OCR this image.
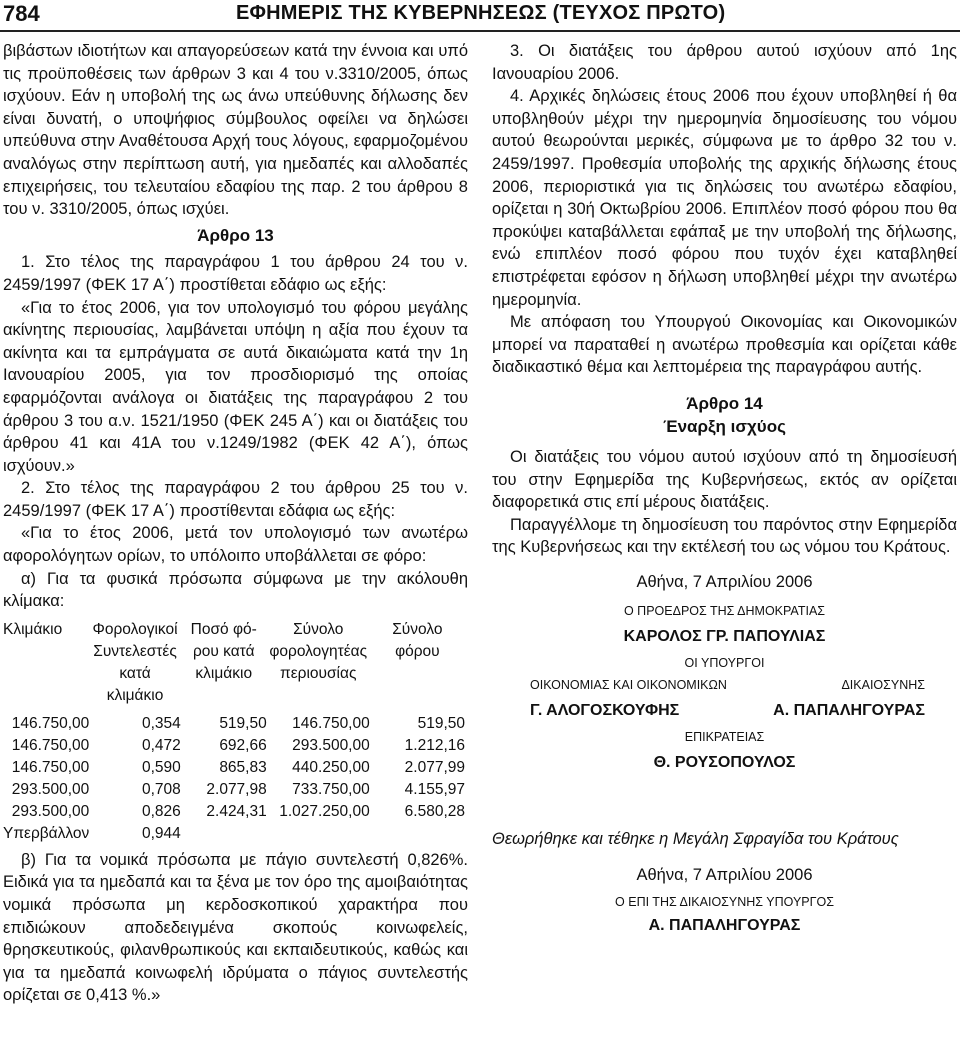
784	ΕΦΗΜΕΡΙΣ ΤΗΣ ΚΥΒΕΡΝΗΣΕΩΣ (ΤΕΥΧΟΣ ΠΡΩΤΟ)

βιβάστων ιδιοτήτων και απαγορεύσεων κατά την έννοια και υπό τις προϋποθέσεις των άρθρων 3 και 4 του ν.3310/2005, όπως ισχύουν. Εάν η υποβολή της ως άνω υπεύθυνης δήλωσης δεν είναι δυνατή, ο υποψήφιος σύμβουλος οφείλει να δηλώσει υπεύθυνα στην Αναθέτουσα Αρχή τους λόγους, εφαρμοζομένου αναλόγως στην περίπτωση αυτή, για ημεδαπές και αλλοδαπές επιχειρήσεις, του τελευταίου εδαφίου της παρ. 2 του άρθρου 8 του ν. 3310/2005, όπως ισχύει.

Άρθρο 13

1. Στο τέλος της παραγράφου 1 του άρθρου 24 του ν. 2459/1997 (ΦΕΚ 17 Α΄) προστίθεται εδάφιο ως εξής:

«Για το έτος 2006, για τον υπολογισμό του φόρου μεγάλης ακίνητης περιουσίας, λαμβάνεται υπόψη η αξία που έχουν τα ακίνητα και τα εμπράγματα σε αυτά δικαιώματα κατά την 1η Ιανουαρίου 2005, για τον προσδιορισμό της οποίας εφαρμόζονται ανάλογα οι διατάξεις της παραγράφου 2 του άρθρου 3 του α.ν. 1521/1950 (ΦΕΚ 245 Α΄) και οι διατάξεις του άρθρου 41 και 41Α του ν.1249/1982 (ΦΕΚ 42 Α΄), όπως ισχύουν.»

2. Στο τέλος της παραγράφου 2 του άρθρου 25 του ν. 2459/1997 (ΦΕΚ 17 Α΄) προστίθενται εδάφια ως εξής:

«Για το έτος 2006, μετά τον υπολογισμό των ανωτέρω αφορολόγητων ορίων, το υπόλοιπο υποβάλλεται σε φόρο:

α) Για τα φυσικά πρόσωπα σύμφωνα με την ακόλουθη κλίμακα:

Κλιμάκιο	Φορολογικοί Συντελεστές κατά κλιμάκιο	Ποσό φόρου κατά κλιμάκιο	Σύνολο φορολογητέας περιουσίας	Σύνολο φόρου
146.750,00	0,354	519,50	146.750,00	519,50
146.750,00	0,472	692,66	293.500,00	1.212,16
146.750,00	0,590	865,83	440.250,00	2.077,99
293.500,00	0,708	2.077,98	733.750,00	4.155,97
293.500,00	0,826	2.424,31	1.027.250,00	6.580,28
Υπερβάλλον	0,944			

β) Για τα νομικά πρόσωπα με πάγιο συντελεστή 0,826%. Ειδικά για τα ημεδαπά και τα ξένα με τον όρο της αμοιβαιότητας νομικά πρόσωπα μη κερδοσκοπικού χαρακτήρα που επιδιώκουν αποδεδειγμένα σκοπούς κοινωφελείς, θρησκευτικούς, φιλανθρωπικούς και εκπαιδευτικούς, καθώς και για τα ημεδαπά κοινωφελή ιδρύματα ο πάγιος συντελεστής ορίζεται σε 0,413 %.»

3. Οι διατάξεις του άρθρου αυτού ισχύουν από 1ης Ιανουαρίου 2006.

4. Αρχικές δηλώσεις έτους 2006 που έχουν υποβληθεί ή θα υποβληθούν μέχρι την ημερομηνία δημοσίευσης του νόμου αυτού θεωρούνται μερικές, σύμφωνα με το άρθρο 32 του ν. 2459/1997. Προθεσμία υποβολής της αρχικής δήλωσης έτους 2006, περιοριστικά για τις δηλώσεις του ανωτέρω εδαφίου, ορίζεται η 30ή Οκτωβρίου 2006. Επιπλέον ποσό φόρου που θα προκύψει καταβάλλεται εφάπαξ με την υποβολή της δήλωσης, ενώ επιπλέον ποσό φόρου που τυχόν έχει καταβληθεί επιστρέφεται εφόσον η δήλωση υποβληθεί μέχρι την ανωτέρω ημερομηνία.

Με απόφαση του Υπουργού Οικονομίας και Οικονομικών μπορεί να παραταθεί η ανωτέρω προθεσμία και ορίζεται κάθε διαδικαστικό θέμα και λεπτομέρεια της παραγράφου αυτής.

Άρθρο 14
Έναρξη ισχύος

Οι διατάξεις του νόμου αυτού ισχύουν από τη δημοσίευσή του στην Εφημερίδα της Κυβερνήσεως, εκτός αν ορίζεται διαφορετικά στις επί μέρους διατάξεις.

Παραγγέλλομε τη δημοσίευση του παρόντος στην Εφημερίδα της Κυβερνήσεως και την εκτέλεσή του ως νόμου του Κράτους.

Αθήνα, 7 Απριλίου 2006

Ο ΠΡΟΕΔΡΟΣ ΤΗΣ ΔΗΜΟΚΡΑΤΙΑΣ
ΚΑΡΟΛΟΣ ΓΡ. ΠΑΠΟΥΛΙΑΣ
ΟΙ ΥΠΟΥΡΓΟΙ
ΟΙΚΟΝΟΜΙΑΣ ΚΑΙ ΟΙΚΟΝΟΜΙΚΩΝ	ΔΙΚΑΙΟΣΥΝΗΣ
Γ. ΑΛΟΓΟΣΚΟΥΦΗΣ	Α. ΠΑΠΑΛΗΓΟΥΡΑΣ
ΕΠΙΚΡΑΤΕΙΑΣ
Θ. ΡΟΥΣΟΠΟΥΛΟΣ

Θεωρήθηκε και τέθηκε η Μεγάλη Σφραγίδα του Κράτους

Αθήνα, 7 Απριλίου 2006

Ο ΕΠΙ ΤΗΣ ΔΙΚΑΙΟΣΥΝΗΣ ΥΠΟΥΡΓΟΣ
Α. ΠΑΠΑΛΗΓΟΥΡΑΣ
